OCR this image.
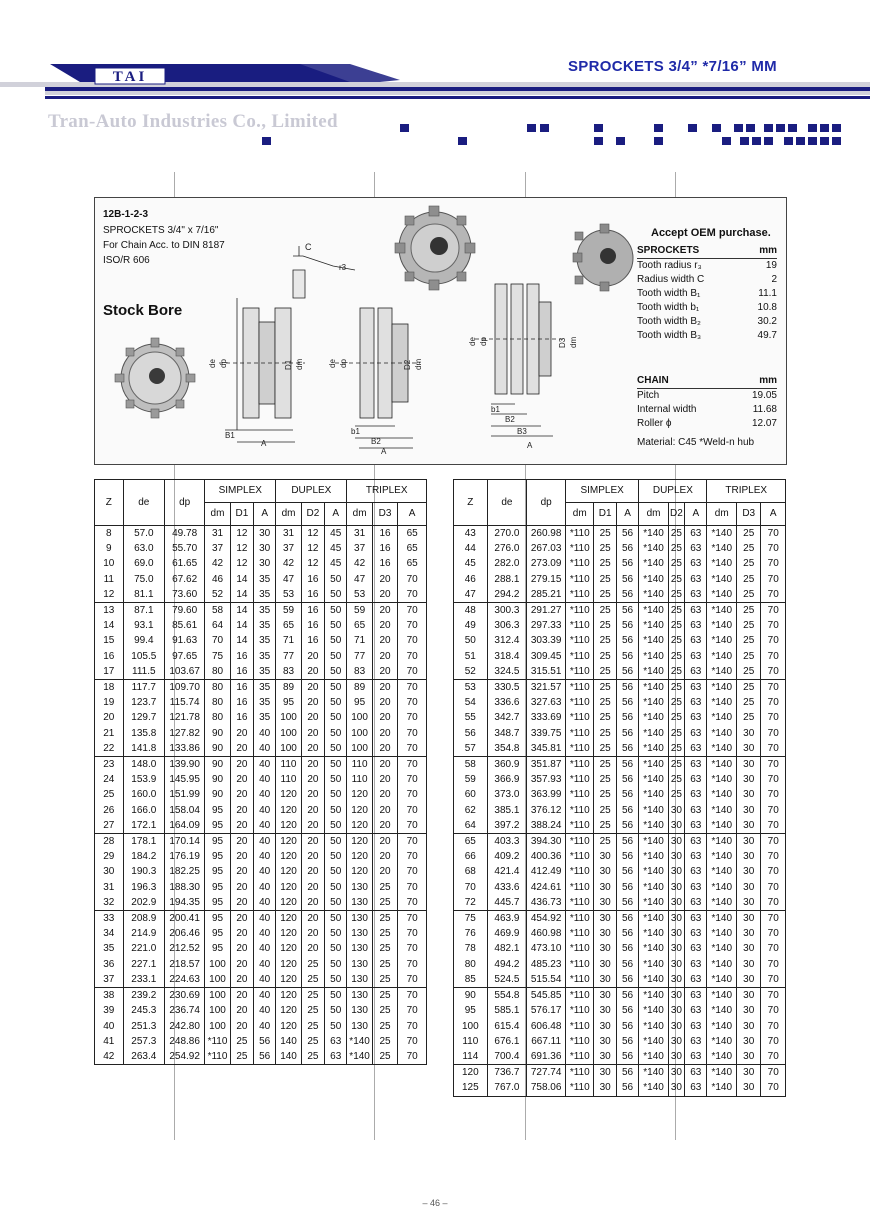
TAI
SPROCKETS 3/4” *7/16” MM
Tran-Auto Industries Co., Limited
12B-1-2-3
SPROCKETS 3/4" x 7/16"
For Chain Acc. to DIN 8187
ISO/R 606
Stock Bore
C
r3
de dp	D1 dm
B1
A
de dp	D2 dm
b1
B2
A
de dp	D3 dm
b1
B2
B3
A
Accept OEM purchase.
SPROCKETS	mm
Tooth radius r₃	19
Radius width C	2
Tooth width B₁	11.1
Tooth width b₁	10.8
Tooth width B₂	30.2
Tooth width B₃	49.7
CHAIN	mm
Pitch	19.05
Internal width	11.68
Roller ϕ	12.07
Material: C45 *Weld-n hub
Z	de	dp	SIMPLEX			DUPLEX			TRIPLEX		
			dm	D1	A	dm	D2	A	dm	D3	A
8	57.0	49.78	31	12	30	31	12	45	31	16	65
9	63.0	55.70	37	12	30	37	12	45	37	16	65
10	69.0	61.65	42	12	30	42	12	45	42	16	65
11	75.0	67.62	46	14	35	47	16	50	47	20	70
12	81.1	73.60	52	14	35	53	16	50	53	20	70
13	87.1	79.60	58	14	35	59	16	50	59	20	70
14	93.1	85.61	64	14	35	65	16	50	65	20	70
15	99.4	91.63	70	14	35	71	16	50	71	20	70
16	105.5	97.65	75	16	35	77	20	50	77	20	70
17	111.5	103.67	80	16	35	83	20	50	83	20	70
18	117.7	109.70	80	16	35	89	20	50	89	20	70
19	123.7	115.74	80	16	35	95	20	50	95	20	70
20	129.7	121.78	80	16	35	100	20	50	100	20	70
21	135.8	127.82	90	20	40	100	20	50	100	20	70
22	141.8	133.86	90	20	40	100	20	50	100	20	70
23	148.0	139.90	90	20	40	110	20	50	110	20	70
24	153.9	145.95	90	20	40	110	20	50	110	20	70
25	160.0	151.99	90	20	40	120	20	50	120	20	70
26	166.0	158.04	95	20	40	120	20	50	120	20	70
27	172.1	164.09	95	20	40	120	20	50	120	20	70
28	178.1	170.14	95	20	40	120	20	50	120	20	70
29	184.2	176.19	95	20	40	120	20	50	120	20	70
30	190.3	182.25	95	20	40	120	20	50	120	20	70
31	196.3	188.30	95	20	40	120	20	50	130	25	70
32	202.9	194.35	95	20	40	120	20	50	130	25	70
33	208.9	200.41	95	20	40	120	20	50	130	25	70
34	214.9	206.46	95	20	40	120	20	50	130	25	70
35	221.0	212.52	95	20	40	120	20	50	130	25	70
36	227.1	218.57	100	20	40	120	25	50	130	25	70
37	233.1	224.63	100	20	40	120	25	50	130	25	70
38	239.2	230.69	100	20	40	120	25	50	130	25	70
39	245.3	236.74	100	20	40	120	25	50	130	25	70
40	251.3	242.80	100	20	40	120	25	50	130	25	70
41	257.3	248.86	*110	25	56	140	25	63	*140	25	70
42	263.4	254.92	*110	25	56	140	25	63	*140	25	70
Z	de	dp	SIMPLEX			DUPLEX			TRIPLEX		
			dm	D1	A	dm	D2	A	dm	D3	A
43	270.0	260.98	*110	25	56	*140	25	63	*140	25	70
44	276.0	267.03	*110	25	56	*140	25	63	*140	25	70
45	282.0	273.09	*110	25	56	*140	25	63	*140	25	70
46	288.1	279.15	*110	25	56	*140	25	63	*140	25	70
47	294.2	285.21	*110	25	56	*140	25	63	*140	25	70
48	300.3	291.27	*110	25	56	*140	25	63	*140	25	70
49	306.3	297.33	*110	25	56	*140	25	63	*140	25	70
50	312.4	303.39	*110	25	56	*140	25	63	*140	25	70
51	318.4	309.45	*110	25	56	*140	25	63	*140	25	70
52	324.5	315.51	*110	25	56	*140	25	63	*140	25	70
53	330.5	321.57	*110	25	56	*140	25	63	*140	25	70
54	336.6	327.63	*110	25	56	*140	25	63	*140	25	70
55	342.7	333.69	*110	25	56	*140	25	63	*140	25	70
56	348.7	339.75	*110	25	56	*140	25	63	*140	30	70
57	354.8	345.81	*110	25	56	*140	25	63	*140	30	70
58	360.9	351.87	*110	25	56	*140	25	63	*140	30	70
59	366.9	357.93	*110	25	56	*140	25	63	*140	30	70
60	373.0	363.99	*110	25	56	*140	25	63	*140	30	70
62	385.1	376.12	*110	25	56	*140	30	63	*140	30	70
64	397.2	388.24	*110	25	56	*140	30	63	*140	30	70
65	403.3	394.30	*110	25	56	*140	30	63	*140	30	70
66	409.2	400.36	*110	30	56	*140	30	63	*140	30	70
68	421.4	412.49	*110	30	56	*140	30	63	*140	30	70
70	433.6	424.61	*110	30	56	*140	30	63	*140	30	70
72	445.7	436.73	*110	30	56	*140	30	63	*140	30	70
75	463.9	454.92	*110	30	56	*140	30	63	*140	30	70
76	469.9	460.98	*110	30	56	*140	30	63	*140	30	70
78	482.1	473.10	*110	30	56	*140	30	63	*140	30	70
80	494.2	485.23	*110	30	56	*140	30	63	*140	30	70
85	524.5	515.54	*110	30	56	*140	30	63	*140	30	70
90	554.8	545.85	*110	30	56	*140	30	63	*140	30	70
95	585.1	576.17	*110	30	56	*140	30	63	*140	30	70
100	615.4	606.48	*110	30	56	*140	30	63	*140	30	70
110	676.1	667.11	*110	30	56	*140	30	63	*140	30	70
114	700.4	691.36	*110	30	56	*140	30	63	*140	30	70
120	736.7	727.74	*110	30	56	*140	30	63	*140	30	70
125	767.0	758.06	*110	30	56	*140	30	63	*140	30	70
– 46 –
